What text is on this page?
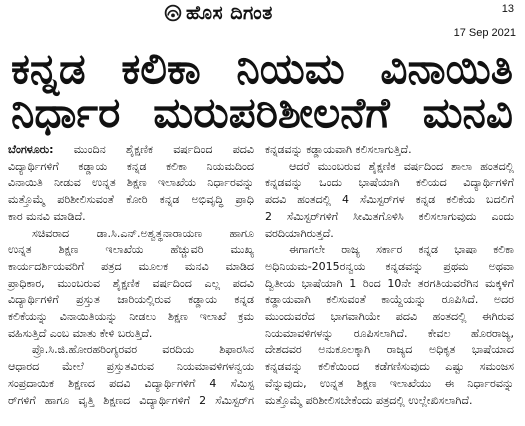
ಹೊಸ ದಿಗಂತ	13
17 Sep 2021
ಕನ್ನಡ ಕಲಿಕಾ ನಿಯಮ ವಿನಾಯಿತಿ
ನಿರ್ಧಾರ ಮರುಪರಿಶೀಲನೆಗೆ ಮನವಿ
ಬೆಂಗಳೂರು: ಮುಂದಿನ ಶೈಕ್ಷಣಿಕ ವರ್ಷದಿಂದ ಪದವಿ
ವಿದ್ಯಾರ್ಥಿಗಳಿಗೆ ಕಡ್ಡಾಯ ಕನ್ನಡ ಕಲಿಕಾ ನಿಯಮದಿಂದ
ವಿನಾಯಿತಿ ನೀಡುವ ಉನ್ನತ ಶಿಕ್ಷಣ ಇಲಾಖೆಯ ನಿರ್ಧಾರವನ್ನು
ಮತ್ತೊಮ್ಮೆ ಪರಿಶೀಲಿಸುವಂತೆ ಕೋರಿ ಕನ್ನಡ ಅಭಿವೃದ್ಧಿ ಪ್ರಾಧಿ
ಕಾರ ಮನವಿ ಮಾಡಿದೆ.
ಸಚಿವರಾದ ಡಾ.ಸಿ.ಎನ್.ಅಶ್ವತ್ಥನಾರಾಯಣ ಹಾಗೂ
ಉನ್ನತ ಶಿಕ್ಷಣ ಇಲಾಖೆಯ ಹೆಚ್ಚುವರಿ ಮುಖ್ಯ
ಕಾರ್ಯದರ್ಶಿಯವರಿಗೆ ಪತ್ರದ ಮೂಲಕ ಮನವಿ ಮಾಡಿದ
ಪ್ರಾಧಿಕಾರ, ಮುಂಬರುವ ಶೈಕ್ಷಣಿಕ ವರ್ಷದಿಂದ ಎಲ್ಲ ಪದವಿ
ವಿದ್ಯಾರ್ಥಿಗಳಿಗೆ ಪ್ರಸ್ತುತ ಜಾರಿಯಲ್ಲಿರುವ ಕಡ್ಡಾಯ ಕನ್ನಡ
ಕಲಿಕೆಯನ್ನು ವಿನಾಯಿತಿಯನ್ನು ನೀಡಲು ಶಿಕ್ಷಣ ಇಲಾಖೆ ಕ್ರಮ
ವಹಿಸುತ್ತಿದೆ ಎಂಬ ಮಾತು ಕೇಳಿ ಬರುತ್ತಿದೆ.
ಪ್ರೊ.ಸಿ.ಜಿ.ಹೋರಹರಿಂಗ್ಯರವರ ವರದಿಯ ಶಿಫಾರಸಿನ
ಆಧಾರದ ಮೇಲೆ ಪ್ರಸ್ತುತವಿರುವ ನಿಯಮಾವಳಿಗಳನ್ವಯ
ಸಂಪ್ರದಾಯಿಕ ಶಿಕ್ಷಣದ ಪದವಿ ವಿದ್ಯಾರ್ಥಿಗಳಿಗೆ 4 ಸೆಮಿಸ್ಟ
ರ್‌ಗಳಿಗೆ ಹಾಗೂ ವೃತ್ತಿ ಶಿಕ್ಷಣದ ವಿದ್ಯಾರ್ಥಿಗಳಿಗೆ 2 ಸೆಮಿಸ್ಟರ್‌ಗ
ಕನ್ನಡವನ್ನು ಕಡ್ಡಾಯವಾಗಿ ಕಲಿಸಲಾಗುತ್ತಿದೆ.
ಆದರೆ ಮುಂಬರುವ ಶೈಕ್ಷಣಿಕ ವರ್ಷದಿಂದ ಶಾಲಾ ಹಂತದಲ್ಲಿ
ಕನ್ನಡವನ್ನು ಒಂದು ಭಾಷೆಯಾಗಿ ಕಲಿಯದ ವಿದ್ಯಾರ್ಥಿಗಳಿಗೆ
ಪದವಿ ಹಂತದಲ್ಲಿ 4 ಸೆಮಿಸ್ಟರ್‌ಗಳ ಕನ್ನಡ ಕಲಿಕೆಯ ಬದಲಿಗೆ
2 ಸೆಮಿಸ್ಟರ್‌ಗಳಿಗೆ ಸೀಮಿತಗೊಳಿಸಿ ಕಲಿಸಲಾಗುವುದು ಎಂದು
ವರದಿಯಾಗಿರುತ್ತದೆ.
ಈಗಾಗಲೇ ರಾಜ್ಯ ಸರ್ಕಾರ ಕನ್ನಡ ಭಾಷಾ ಕಲಿಕಾ
ಅಧಿನಿಯಮ-2015ರನ್ವಯ ಕನ್ನಡವನ್ನು ಪ್ರಥಮ ಅಥವಾ
ದ್ವಿತೀಯ ಭಾಷೆಯಾಗಿ 1 ರಿಂದ 10ನೇ ತರಗತಿಯವರೆಗಿನ ಮಕ್ಕಳಿಗೆ
ಕಡ್ಡಾಯವಾಗಿ ಕಲಿಸುವಂತೆ ಕಾಯ್ದೆಯನ್ನು ರೂಪಿಸಿದೆ. ಅದರ
ಮುಂದುವರೆದ ಭಾಗವಾಗಿಯೇ ಪದವಿ ಹಂತದಲ್ಲಿ ಈಗಿರುವ
ನಿಯಮಾವಳಿಗಳನ್ನು ರೂಪಿಸಲಾಗಿದೆ. ಕೇವಲ ಹೊರರಾಜ್ಯ,
ದೇಶದವರ ಅನುಕೂಲಕ್ಕಾಗಿ ರಾಜ್ಯದ ಅಧಿಕೃತ ಭಾಷೆಯಾದ
ಕನ್ನಡವನ್ನು ಕಲಿಕೆಯಿಂದ ಕಡೆಗಣಿಸುವುದು ಎಷ್ಟು ಸಮಂಜಸ
ವೆನ್ನುವುದು, ಉನ್ನತ ಶಿಕ್ಷಣ ಇಲಾಖೆಯು ಈ ನಿರ್ಧಾರವನ್ನು
ಮತ್ತೊಮ್ಮೆ ಪರಿಶೀಲಿಸಬೇಕೆಂದು ಪತ್ರದಲ್ಲಿ ಉಲ್ಲೇಖಿಸಲಾಗಿದೆ.
